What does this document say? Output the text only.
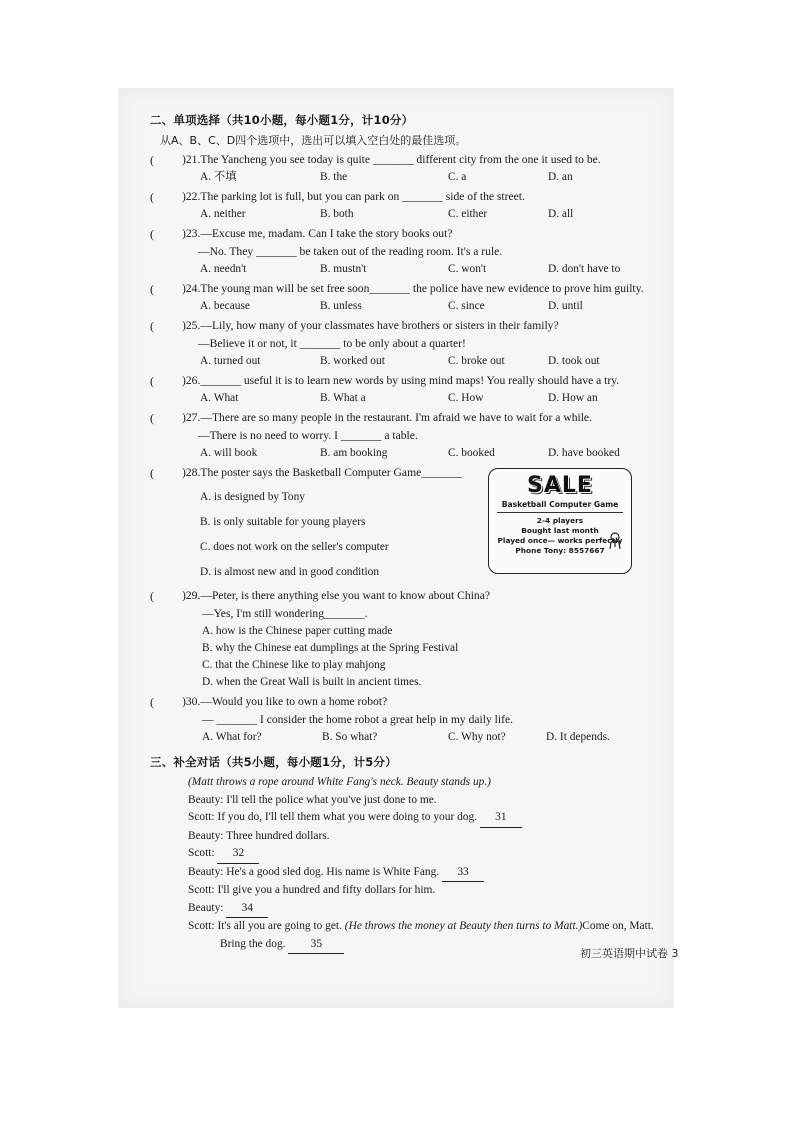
二、单项选择（共10小题，每小题1分，计10分）
从A、B、C、D四个选项中，选出可以填入空白处的最佳选项。
(	)21. The Yancheng you see today is quite _______ different city from the one it used to be.
A. 不填	B. the	C. a	D. an
(	)22. The parking lot is full, but you can park on _______ side of the street.
A. neither	B. both	C. either	D. all
(	)23. —Excuse me, madam. Can I take the story books out?
—No. They _______ be taken out of the reading room. It's a rule.
A. needn't	B. mustn't	C. won't	D. don't have to
(	)24. The young man will be set free soon_______ the police have new evidence to prove him guilty.
A. because	B. unless	C. since	D. until
(	)25. —Lily, how many of your classmates have brothers or sisters in their family?
—Believe it or not, it _______ to be only about a quarter!
A. turned out	B. worked out	C. broke out	D. took out
(	)26. _______ useful it is to learn new words by using mind maps! You really should have a try.
A. What	B. What a	C. How	D. How an
(	)27. —There are so many people in the restaurant. I'm afraid we have to wait for a while.
—There is no need to worry. I _______ a table.
A. will book	B. am booking	C. booked	D. have booked
(	)28. The poster says the Basketball Computer Game_______
A. is designed by Tony
B. is only suitable for young players
C. does not work on the seller's computer
D. is almost new and in good condition
(	)29. —Peter, is there anything else you want to know about China?
—Yes, I'm still wondering_______.
A. how is the Chinese paper cutting made
B. why the Chinese eat dumplings at the Spring Festival
C. that the Chinese like to play mahjong
D. when the Great Wall is built in ancient times.
(	)30. —Would you like to own a home robot?
— _______ I consider the home robot a great help in my daily life.
A. What for?	B. So what?	C. Why not?	D. It depends.
三、补全对话（共5小题，每小题1分，计5分）
(Matt throws a rope around White Fang's neck. Beauty stands up.)
Beauty: I'll tell the police what you've just done to me.
Scott: If you do, I'll tell them what you were doing to your dog. 31
Beauty: Three hundred dollars.
Scott: 32
Beauty: He's a good sled dog. His name is White Fang. 33
Scott: I'll give you a hundred and fifty dollars for him.
Beauty: 34
Scott: It's all you are going to get. (He throws the money at Beauty then turns to Matt.)Come on, Matt.
Bring the dog. 35
SALE
Basketball Computer Game
2-4 players
Bought last month
Played once— works perfectly
Phone Tony: 8557667
初三英语期中试卷 3
